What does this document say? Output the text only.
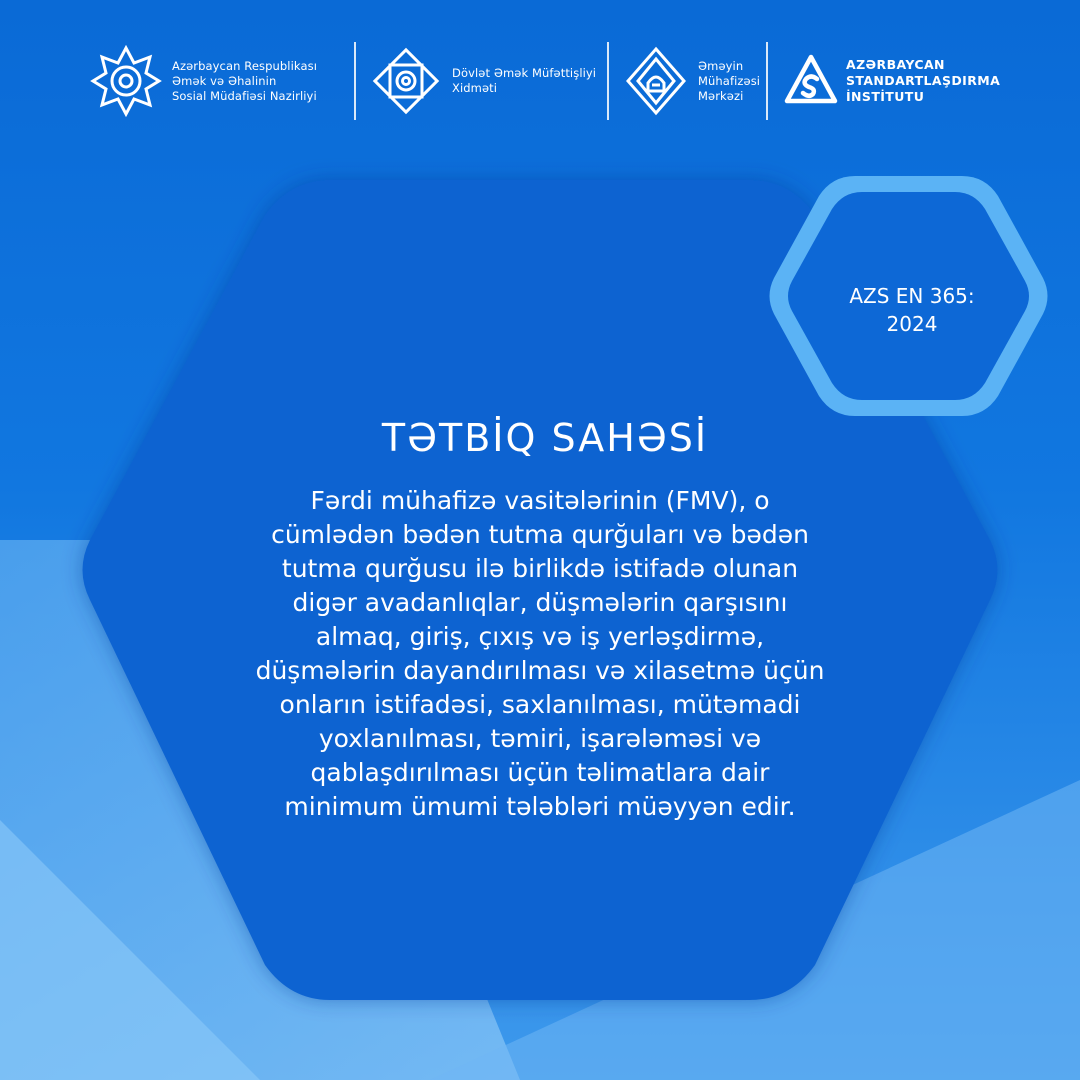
Azərbaycan Respublikası
Əmək və Əhalinin
Sosial Müdafiəsi Nazirliyi
Dövlət Əmək Müfəttişliyi
Xidməti
Əməyin
Mühafizəsi
Mərkəzi
AZƏRBAYCAN
STANDARTLAŞDIRMA
İNSTİTUTU
AZS EN 365:
2024
TƏTBİQ SAHƏSİ
Fərdi mühafizə vasitələrinin (FMV), o
cümlədən bədən tutma qurğuları və bədən
tutma qurğusu ilə birlikdə istifadə olunan
digər avadanlıqlar, düşmələrin qarşısını
almaq, giriş, çıxış və iş yerləşdirmə,
düşmələrin dayandırılması və xilasetmə üçün
onların istifadəsi, saxlanılması, mütəmadi
yoxlanılması, təmiri, işarələməsi və
qablaşdırılması üçün təlimatlara dair
minimum ümumi tələbləri müəyyən edir.
